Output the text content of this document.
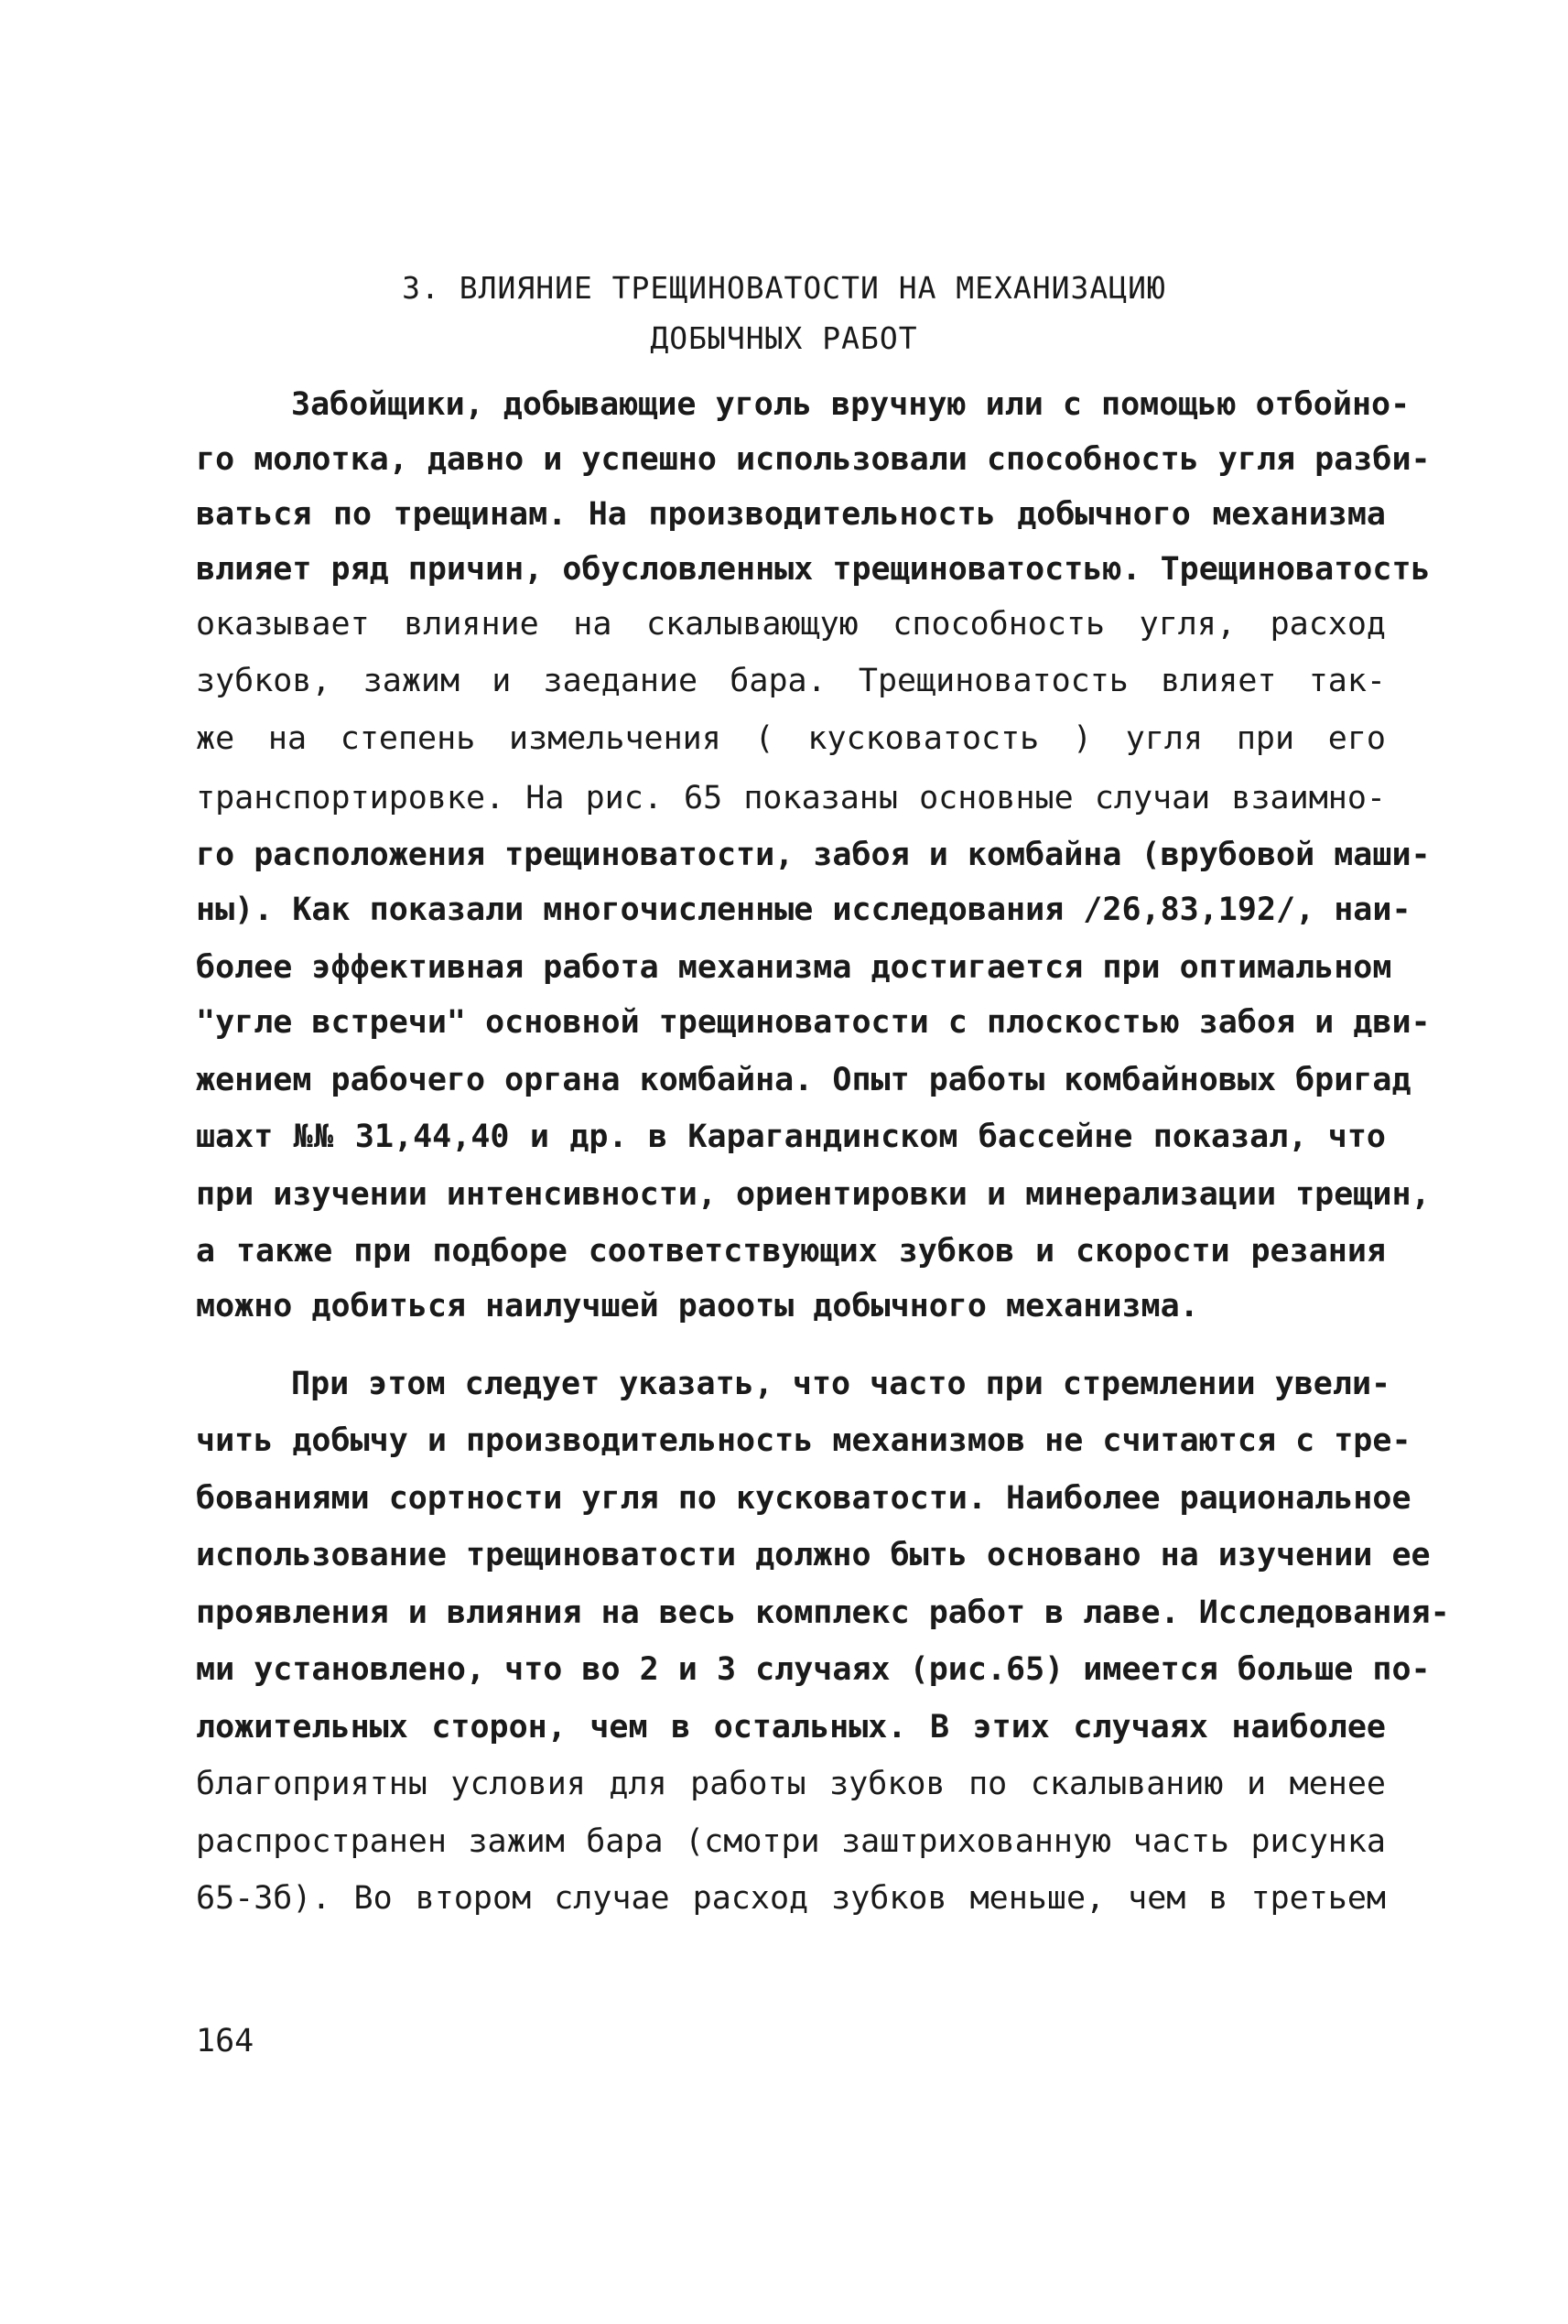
3. ВЛИЯНИЕ ТРЕЩИНОВАТОСТИ НА МЕХАНИЗАЦИЮ
ДОБЫЧНЫХ РАБОТ
Забойщики, добывающие уголь вручную или с помощью отбойно-
го молотка, давно и успешно использовали способность угля разби-
ваться по трещинам. На производительность добычного механизма
влияет ряд причин, обусловленных трещиноватостью. Трещиноватость
оказывает влияние на скалывающую способность угля, расход
зубков, зажим и заедание бара. Трещиноватость влияет так-
же на степень измельчения ( кусковатость ) угля при его
транспортировке. На рис. 65 показаны основные случаи взаимно-
го расположения трещиноватости, забоя и комбайна (врубовой маши-
ны). Как показали многочисленные исследования /26,83,192/, наи-
более эффективная работа механизма достигается при оптимальном
"угле встречи" основной трещиноватости с плоскостью забоя и дви-
жением рабочего органа комбайна. Опыт работы комбайновых бригад
шахт №№ 31,44,40 и др. в Карагандинском бассейне показал, что
при изучении интенсивности, ориентировки и минерализации трещин,
а также при подборе соответствующих зубков и скорости резания
можно добиться наилучшей раооты добычного механизма.
При этом следует указать, что часто при стремлении увели-
чить добычу и производительность механизмов не считаются с тре-
бованиями сортности угля по кусковатости. Наиболее рациональное
использование трещиноватости должно быть основано на изучении ее
проявления и влияния на весь комплекс работ в лаве. Исследования-
ми установлено, что во 2 и 3 случаях (рис.65) имеется больше по-
ложительных сторон, чем в остальных. В этих случаях наиболее
благоприятны условия для работы зубков по скалыванию и менее
распространен зажим бара (смотри заштрихованную часть рисунка
65-3б). Во втором случае расход зубков меньше, чем в третьем
164
